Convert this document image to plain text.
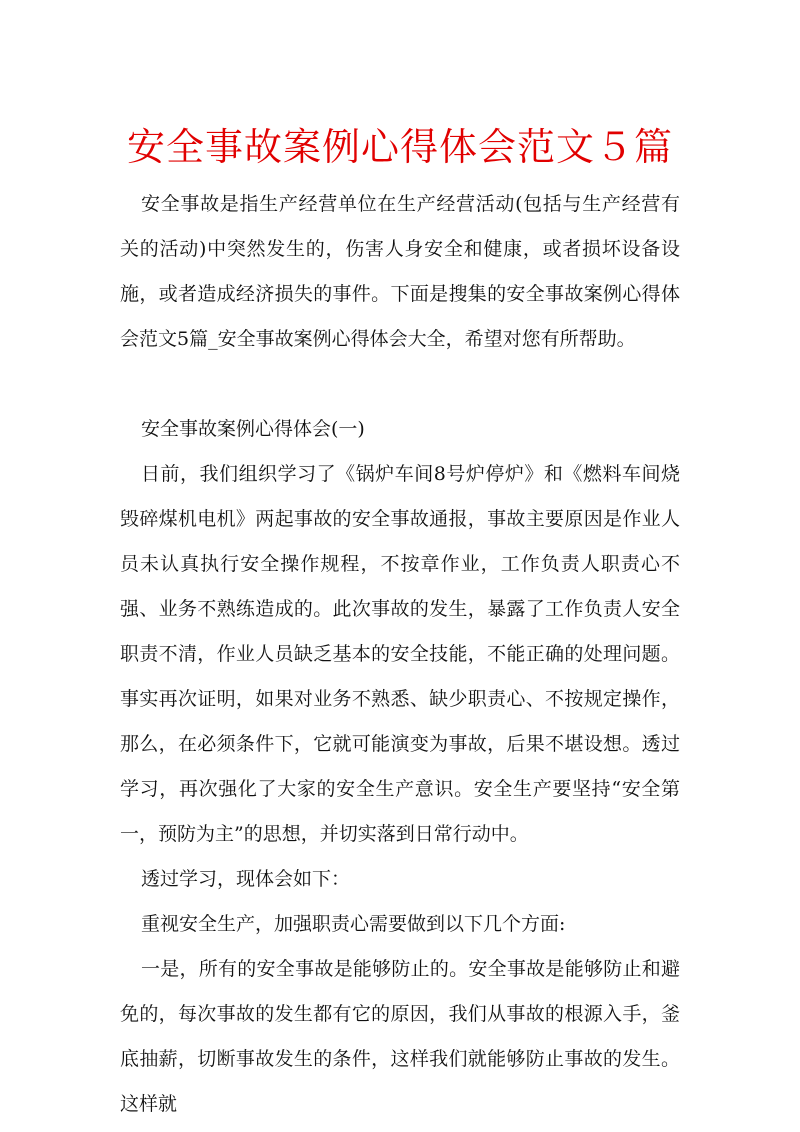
安全事故案例心得体会范文５篇

安全事故是指生产经营单位在生产经营活动(包括与生产经营有关的活动)中突然发生的，伤害人身安全和健康，或者损坏设备设施，或者造成经济损失的事件。下面是搜集的安全事故案例心得体会范文5篇_安全事故案例心得体会大全，希望对您有所帮助。

安全事故案例心得体会(一)

日前，我们组织学习了《锅炉车间8号炉停炉》和《燃料车间烧毁碎煤机电机》两起事故的安全事故通报，事故主要原因是作业人员未认真执行安全操作规程，不按章作业，工作负责人职责心不强、业务不熟练造成的。此次事故的发生，暴露了工作负责人安全职责不清，作业人员缺乏基本的安全技能，不能正确的处理问题。事实再次证明，如果对业务不熟悉、缺少职责心、不按规定操作，那么，在必须条件下，它就可能演变为事故，后果不堪设想。透过学习，再次强化了大家的安全生产意识。安全生产要坚持“安全第一，预防为主”的思想，并切实落到日常行动中。

透过学习，现体会如下：

重视安全生产，加强职责心需要做到以下几个方面:

一是，所有的安全事故是能够防止的。安全事故是能够防止和避免的，每次事故的发生都有它的原因，我们从事故的根源入手，釜底抽薪，切断事故发生的条件，这样我们就能够防止事故的发生。这样就
